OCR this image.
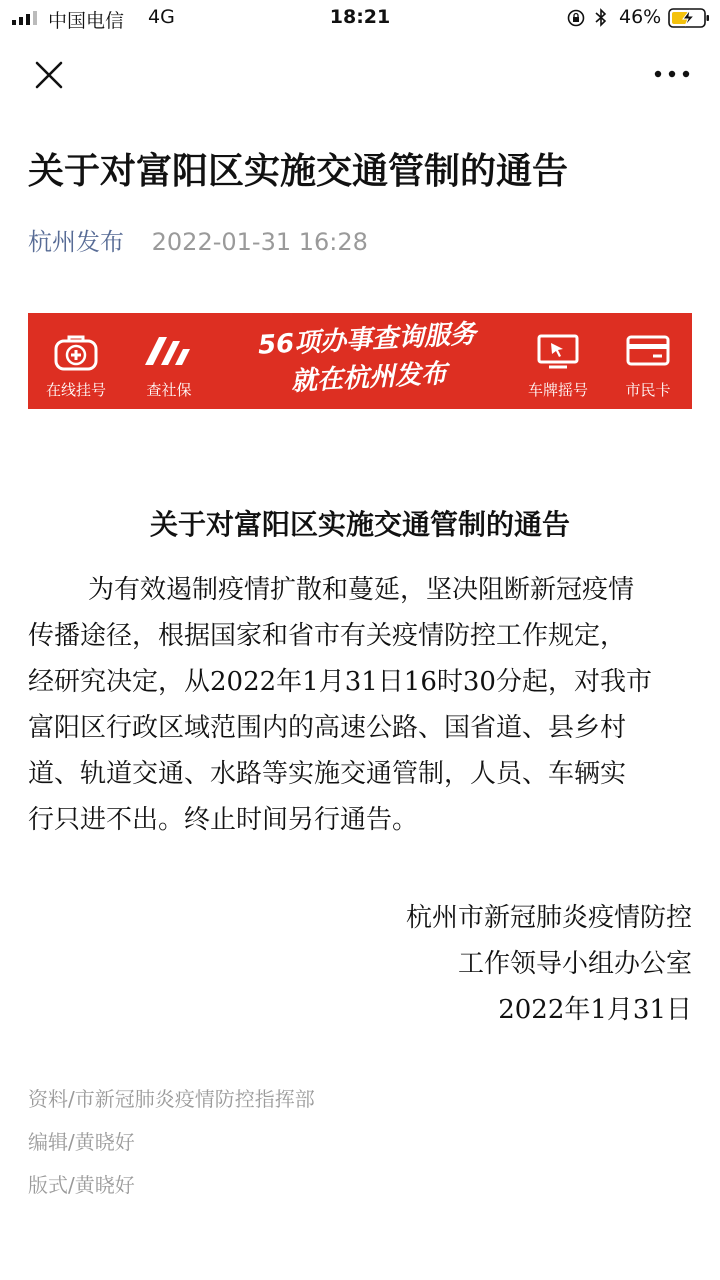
中国电信 4G	18:21	46%
关于对富阳区实施交通管制的通告
杭州发布 2022-01-31 16:28
在线挂号	查社保
56项办事查询服务
就在杭州发布	车牌摇号	市民卡
关于对富阳区实施交通管制的通告

为有效遏制疫情扩散和蔓延，坚决阻断新冠疫情

传播途径，根据国家和省市有关疫情防控工作规定，

经研究决定，从2022年1月31日16时30分起，对我市

富阳区行政区域范围内的高速公路、国省道、县乡村

道、轨道交通、水路等实施交通管制，人员、车辆实

行只进不出。终止时间另行通告。

杭州市新冠肺炎疫情防控
工作领导小组办公室
2022年1月31日
资料/市新冠肺炎疫情防控指挥部
编辑/黄晓好
版式/黄晓好
